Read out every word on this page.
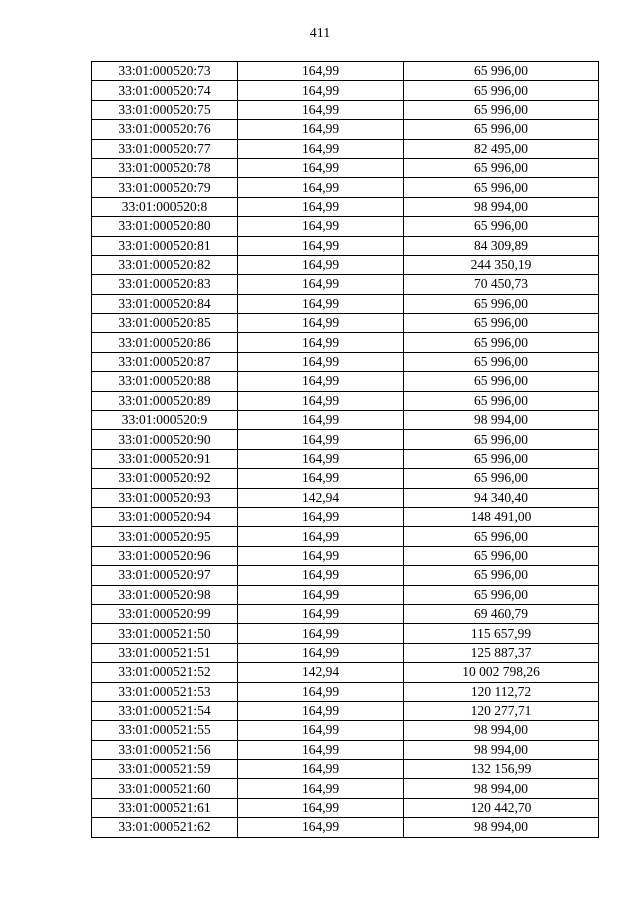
411
33:01:000520:73	164,99	65 996,00
33:01:000520:74	164,99	65 996,00
33:01:000520:75	164,99	65 996,00
33:01:000520:76	164,99	65 996,00
33:01:000520:77	164,99	82 495,00
33:01:000520:78	164,99	65 996,00
33:01:000520:79	164,99	65 996,00
33:01:000520:8	164,99	98 994,00
33:01:000520:80	164,99	65 996,00
33:01:000520:81	164,99	84 309,89
33:01:000520:82	164,99	244 350,19
33:01:000520:83	164,99	70 450,73
33:01:000520:84	164,99	65 996,00
33:01:000520:85	164,99	65 996,00
33:01:000520:86	164,99	65 996,00
33:01:000520:87	164,99	65 996,00
33:01:000520:88	164,99	65 996,00
33:01:000520:89	164,99	65 996,00
33:01:000520:9	164,99	98 994,00
33:01:000520:90	164,99	65 996,00
33:01:000520:91	164,99	65 996,00
33:01:000520:92	164,99	65 996,00
33:01:000520:93	142,94	94 340,40
33:01:000520:94	164,99	148 491,00
33:01:000520:95	164,99	65 996,00
33:01:000520:96	164,99	65 996,00
33:01:000520:97	164,99	65 996,00
33:01:000520:98	164,99	65 996,00
33:01:000520:99	164,99	69 460,79
33:01:000521:50	164,99	115 657,99
33:01:000521:51	164,99	125 887,37
33:01:000521:52	142,94	10 002 798,26
33:01:000521:53	164,99	120 112,72
33:01:000521:54	164,99	120 277,71
33:01:000521:55	164,99	98 994,00
33:01:000521:56	164,99	98 994,00
33:01:000521:59	164,99	132 156,99
33:01:000521:60	164,99	98 994,00
33:01:000521:61	164,99	120 442,70
33:01:000521:62	164,99	98 994,00
